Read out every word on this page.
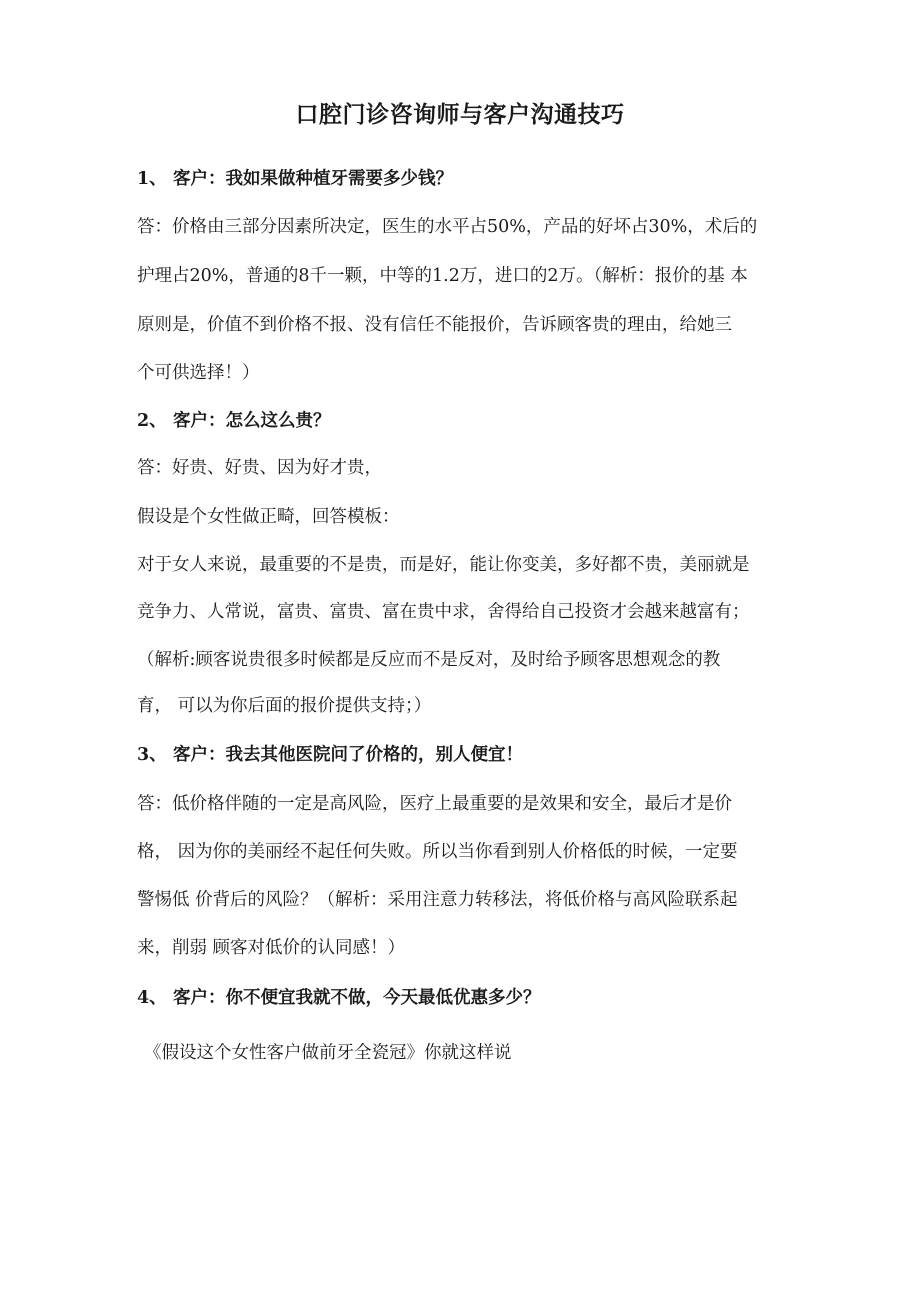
口腔门诊咨询师与客户沟通技巧
1、 客户：我如果做种植牙需要多少钱？
答：价格由三部分因素所决定，医生的水平占50%，产品的好坏占30%，术后的
护理占20%，普通的8千一颗，中等的1.2万，进口的2万。（解析：报价的基 本
原则是，价值不到价格不报、没有信任不能报价，告诉顾客贵的理由，给她三
个可供选择！）
2、 客户：怎么这么贵？
答：好贵、好贵、因为好才贵，
假设是个女性做正畸，回答模板：
对于女人来说，最重要的不是贵，而是好，能让你变美，多好都不贵，美丽就是
竞争力、人常说，富贵、富贵、富在贵中求，舍得给自己投资才会越来越富有；
（解析:顾客说贵很多时候都是反应而不是反对，及时给予顾客思想观念的教
育， 可以为你后面的报价提供支持；）
3、 客户：我去其他医院问了价格的，别人便宜！
答：低价格伴随的一定是高风险，医疗上最重要的是效果和安全，最后才是价
格， 因为你的美丽经不起任何失败。所以当你看到别人价格低的时候，一定要
警惕低 价背后的风险？（解析：采用注意力转移法，将低价格与高风险联系起
来，削弱 顾客对低价的认同感！）
4、 客户：你不便宜我就不做，今天最低优惠多少？
《假设这个女性客户做前牙全瓷冠》你就这样说
